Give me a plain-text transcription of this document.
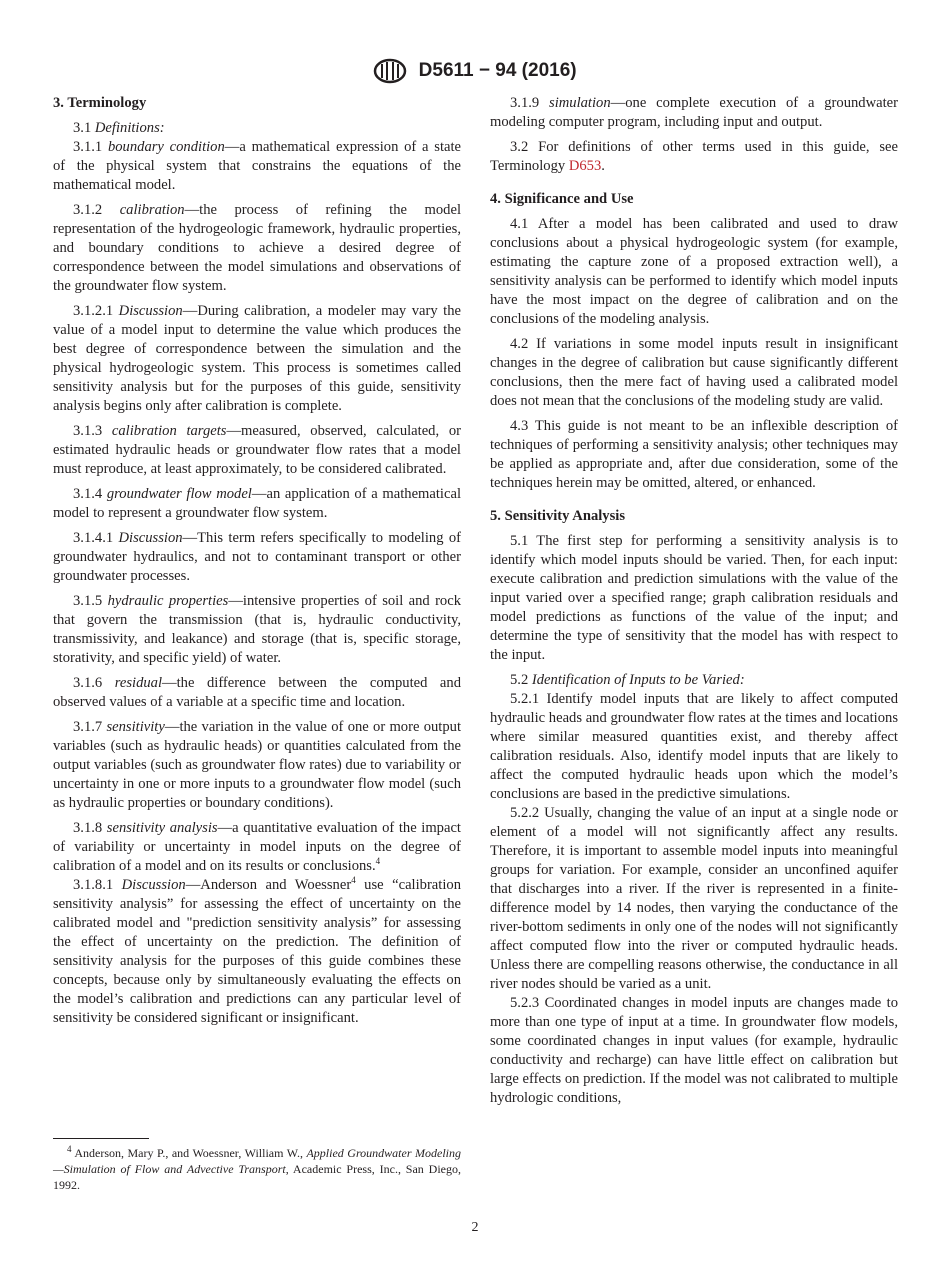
D5611 − 94 (2016)
3. Terminology

3.1 Definitions:

3.1.1 boundary condition—a mathematical expression of a state of the physical system that constrains the equations of the mathematical model.

3.1.2 calibration—the process of refining the model representation of the hydrogeologic framework, hydraulic properties, and boundary conditions to achieve a desired degree of correspondence between the model simulations and observations of the groundwater flow system.

3.1.2.1 Discussion—During calibration, a modeler may vary the value of a model input to determine the value which produces the best degree of correspondence between the simulation and the physical hydrogeologic system. This process is sometimes called sensitivity analysis but for the purposes of this guide, sensitivity analysis begins only after calibration is complete.

3.1.3 calibration targets—measured, observed, calculated, or estimated hydraulic heads or groundwater flow rates that a model must reproduce, at least approximately, to be considered calibrated.

3.1.4 groundwater flow model—an application of a mathematical model to represent a groundwater flow system.

3.1.4.1 Discussion—This term refers specifically to modeling of groundwater hydraulics, and not to contaminant transport or other groundwater processes.

3.1.5 hydraulic properties—intensive properties of soil and rock that govern the transmission (that is, hydraulic conductivity, transmissivity, and leakance) and storage (that is, specific storage, storativity, and specific yield) of water.

3.1.6 residual—the difference between the computed and observed values of a variable at a specific time and location.

3.1.7 sensitivity—the variation in the value of one or more output variables (such as hydraulic heads) or quantities calculated from the output variables (such as groundwater flow rates) due to variability or uncertainty in one or more inputs to a groundwater flow model (such as hydraulic properties or boundary conditions).

3.1.8 sensitivity analysis—a quantitative evaluation of the impact of variability or uncertainty in model inputs on the degree of calibration of a model and on its results or conclusions.$^4$

3.1.8.1 Discussion—Anderson and Woessner$^4$ use “calibration sensitivity analysis” for assessing the effect of uncertainty on the calibrated model and "prediction sensitivity analysis” for assessing the effect of uncertainty on the prediction. The definition of sensitivity analysis for the purposes of this guide combines these concepts, because only by simultaneously evaluating the effects on the model’s calibration and predictions can any particular level of sensitivity be considered significant or insignificant.

3.1.9 simulation—one complete execution of a groundwater modeling computer program, including input and output.

3.2 For definitions of other terms used in this guide, see Terminology D653.

4. Significance and Use

4.1 After a model has been calibrated and used to draw conclusions about a physical hydrogeologic system (for example, estimating the capture zone of a proposed extraction well), a sensitivity analysis can be performed to identify which model inputs have the most impact on the degree of calibration and on the conclusions of the modeling analysis.

4.2 If variations in some model inputs result in insignificant changes in the degree of calibration but cause significantly different conclusions, then the mere fact of having used a calibrated model does not mean that the conclusions of the modeling study are valid.

4.3 This guide is not meant to be an inflexible description of techniques of performing a sensitivity analysis; other techniques may be applied as appropriate and, after due consideration, some of the techniques herein may be omitted, altered, or enhanced.

5. Sensitivity Analysis

5.1 The first step for performing a sensitivity analysis is to identify which model inputs should be varied. Then, for each input: execute calibration and prediction simulations with the value of the input varied over a specified range; graph calibration residuals and model predictions as functions of the value of the input; and determine the type of sensitivity that the model has with respect to the input.

5.2 Identification of Inputs to be Varied:

5.2.1 Identify model inputs that are likely to affect computed hydraulic heads and groundwater flow rates at the times and locations where similar measured quantities exist, and thereby affect calibration residuals. Also, identify model inputs that are likely to affect the computed hydraulic heads upon which the model’s conclusions are based in the predictive simulations.

5.2.2 Usually, changing the value of an input at a single node or element of a model will not significantly affect any results. Therefore, it is important to assemble model inputs into meaningful groups for variation. For example, consider an unconfined aquifer that discharges into a river. If the river is represented in a finite-difference model by 14 nodes, then varying the conductance of the river-bottom sediments in only one of the nodes will not significantly affect computed flow into the river or computed hydraulic heads. Unless there are compelling reasons otherwise, the conductance in all river nodes should be varied as a unit.

5.2.3 Coordinated changes in model inputs are changes made to more than one type of input at a time. In groundwater flow models, some coordinated changes in input values (for example, hydraulic conductivity and recharge) can have little effect on calibration but large effects on prediction. If the model was not calibrated to multiple hydrologic conditions,

$^4$ Anderson, Mary P., and Woessner, William W., Applied Groundwater Modeling—Simulation of Flow and Advective Transport, Academic Press, Inc., San Diego, 1992.
2
